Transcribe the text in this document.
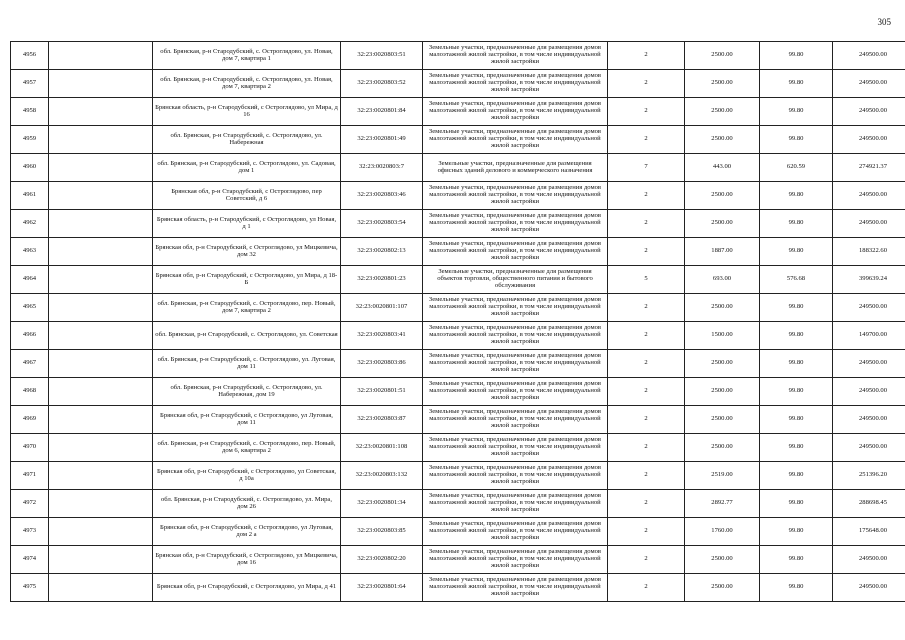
305
4956		обл. Брянская, р-н Стародубский, с. Остроглядово, ул. Новая, дом 7, квартира 1	32:23:0020803:51	Земельные участки, предназначенные для размещения домов малоэтажной жилой застройки, в том числе индивидуальной жилой застройки	2	2500.00	99.80	249500.00
4957		обл. Брянская, р-н Стародубский, с. Остроглядово, ул. Новая, дом 7, квартира 2	32:23:0020803:52	Земельные участки, предназначенные для размещения домов малоэтажной жилой застройки, в том числе индивидуальной жилой застройки	2	2500.00	99.80	249500.00
4958		Брянская область, р-н Стародубский, с Остроглядово, ул Мира, д 16	32:23:0020801:84	Земельные участки, предназначенные для размещения домов малоэтажной жилой застройки, в том числе индивидуальной жилой застройки	2	2500.00	99.80	249500.00
4959		обл. Брянская, р-н Стародубский, с. Остроглядово, ул. Набережная	32:23:0020801:49	Земельные участки, предназначенные для размещения домов малоэтажной жилой застройки, в том числе индивидуальной жилой застройки	2	2500.00	99.80	249500.00
4960		обл. Брянская, р-н Стародубский, с. Остроглядово, ул. Садовая, дом 1	32:23:0020803:7	Земельные участки, предназначенные для размещения офисных зданий делового и коммерческого назначения	7	443.00	620.59	274921.37
4961		Брянская обл, р-н Стародубский, с Остроглядово, пер Советский, д 6	32:23:0020803:46	Земельные участки, предназначенные для размещения домов малоэтажной жилой застройки, в том числе индивидуальной жилой застройки	2	2500.00	99.80	249500.00
4962		Брянская область, р-н Стародубский, с Остроглядово, ул Новая, д 1	32:23:0020803:54	Земельные участки, предназначенные для размещения домов малоэтажной жилой застройки, в том числе индивидуальной жилой застройки	2	2500.00	99.80	249500.00
4963		Брянская обл, р-н Стародубский, с Остроглядово, ул Мицкевича, дом 32	32:23:0020802:13	Земельные участки, предназначенные для размещения домов малоэтажной жилой застройки, в том числе индивидуальной жилой застройки	2	1887.00	99.80	188322.60
4964		Брянская обл, р-н Стародубский, с Остроглядово, ул Мира, д 18-Б	32:23:0020801:23	Земельные участки, предназначенные для размещения объектов торговли, общественного питания и бытового обслуживания	5	693.00	576.68	399639.24
4965		обл. Брянская, р-н Стародубский, с. Остроглядово, пер. Новый, дом 7, квартира 2	32:23:0020801:107	Земельные участки, предназначенные для размещения домов малоэтажной жилой застройки, в том числе индивидуальной жилой застройки	2	2500.00	99.80	249500.00
4966		обл. Брянская, р-н Стародубский, с. Остроглядово, ул. Советская	32:23:0020803:41	Земельные участки, предназначенные для размещения домов малоэтажной жилой застройки, в том числе индивидуальной жилой застройки	2	1500.00	99.80	149700.00
4967		обл. Брянская, р-н Стародубский, с. Остроглядово, ул. Луговая, дом 11	32:23:0020803:86	Земельные участки, предназначенные для размещения домов малоэтажной жилой застройки, в том числе индивидуальной жилой застройки	2	2500.00	99.80	249500.00
4968		обл. Брянская, р-н Стародубский, с. Остроглядово, ул. Набережная, дом 19	32:23:0020801:51	Земельные участки, предназначенные для размещения домов малоэтажной жилой застройки, в том числе индивидуальной жилой застройки	2	2500.00	99.80	249500.00
4969		Брянская обл, р-н Стародубский, с Остроглядово, ул Луговая, дом 11	32:23:0020803:87	Земельные участки, предназначенные для размещения домов малоэтажной жилой застройки, в том числе индивидуальной жилой застройки	2	2500.00	99.80	249500.00
4970		обл. Брянская, р-н Стародубский, с. Остроглядово, пер. Новый, дом 6, квартира 2	32:23:0020801:108	Земельные участки, предназначенные для размещения домов малоэтажной жилой застройки, в том числе индивидуальной жилой застройки	2	2500.00	99.80	249500.00
4971		Брянская обл, р-н Стародубский, с Остроглядово, ул Советская, д 10а	32:23:0020803:132	Земельные участки, предназначенные для размещения домов малоэтажной жилой застройки, в том числе индивидуальной жилой застройки	2	2519.00	99.80	251396.20
4972		обл. Брянская, р-н Стародубский, с. Остроглядово, ул. Мира, дом 26	32:23:0020801:34	Земельные участки, предназначенные для размещения домов малоэтажной жилой застройки, в том числе индивидуальной жилой застройки	2	2892.77	99.80	288698.45
4973		Брянская обл, р-н Стародубский, с Остроглядово, ул Луговая, дом 2 а	32:23:0020803:85	Земельные участки, предназначенные для размещения домов малоэтажной жилой застройки, в том числе индивидуальной жилой застройки	2	1760.00	99.80	175648.00
4974		Брянская обл, р-н Стародубский, с Остроглядово, ул Мицкевича, дом 16	32:23:0020802:20	Земельные участки, предназначенные для размещения домов малоэтажной жилой застройки, в том числе индивидуальной жилой застройки	2	2500.00	99.80	249500.00
4975		Брянская обл, р-н Стародубский, с Остроглядово, ул Мира, д 41	32:23:0020801:64	Земельные участки, предназначенные для размещения домов малоэтажной жилой застройки, в том числе индивидуальной жилой застройки	2	2500.00	99.80	249500.00
